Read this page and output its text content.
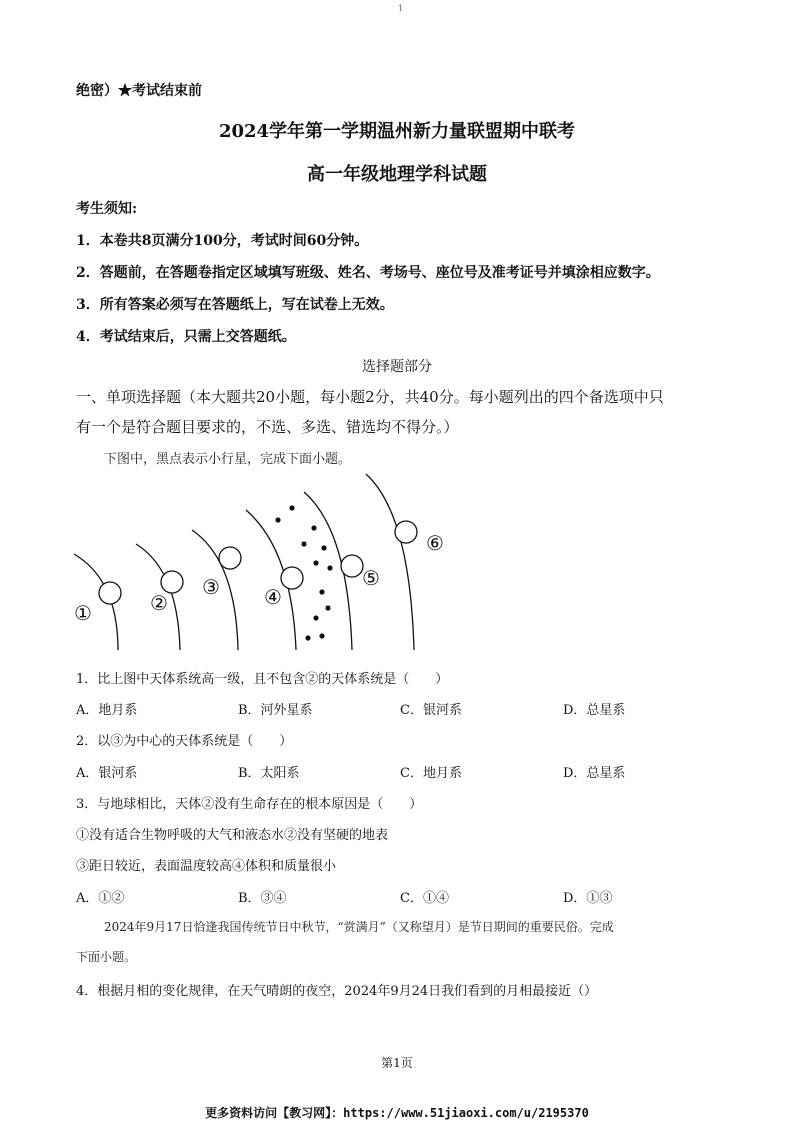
1
绝密）★考试结束前
2024学年第一学期温州新力量联盟期中联考
高一年级地理学科试题
考生须知:
1．本卷共8页满分100分，考试时间60分钟。
2．答题前，在答题卷指定区域填写班级、姓名、考场号、座位号及准考证号并填涂相应数字。
3．所有答案必须写在答题纸上，写在试卷上无效。
4．考试结束后，只需上交答题纸。
选择题部分
一、单项选择题（本大题共20小题，每小题2分，共40分。每小题列出的四个备选项中只
有一个是符合题目要求的，不选、多选、错选均不得分。）
下图中，黑点表示小行星，完成下面小题。
①	②
③ ④
⑤
⑥
1．比上图中天体系统高一级，且不包含②的天体系统是（　　）
A．地月系	B．河外星系	C．银河系	D．总星系
2．以③为中心的天体系统是（　　）
A．银河系	B．太阳系	C．地月系	D．总星系
3．与地球相比，天体②没有生命存在的根本原因是（　　）
①没有适合生物呼吸的大气和液态水②没有坚硬的地表
③距日较近，表面温度较高④体积和质量很小
A．①②	B．③④	C．①④	D．①③
2024年9月17日恰逢我国传统节日中秋节，“赏满月”（又称望月）是节日期间的重要民俗。完成
下面小题。
4．根据月相的变化规律，在天气晴朗的夜空，2024年9月24日我们看到的月相最接近（）
第1页
更多资料访问【教习网】：https://www.51jiaoxi.com/u/2195370
